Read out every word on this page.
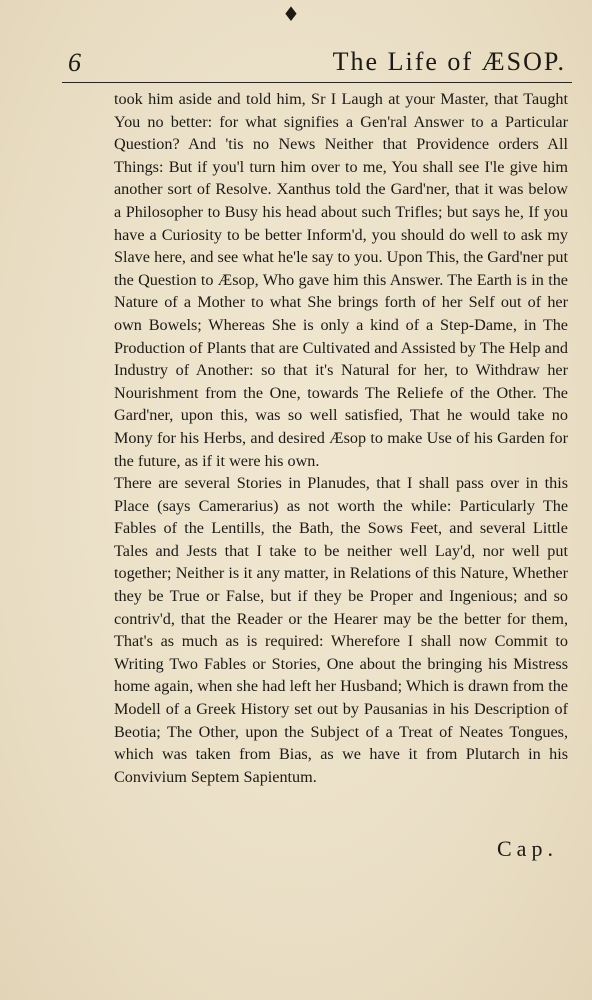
♦
6	The Life of ÆSOP.

took him aside and told him, Sr I Laugh at your Master, that Taught You no better: for what signifies a Gen'ral Answer to a Particular Question? And 'tis no News Neither that Providence orders All Things: But if you'l turn him over to me, You shall see I'le give him another sort of Resolve. Xanthus told the Gard'ner, that it was below a Philosopher to Busy his head about such Trifles; but says he, If you have a Curiosity to be better Inform'd, you should do well to ask my Slave here, and see what he'le say to you. Upon This, the Gard'ner put the Question to Æsop, Who gave him this Answer. The Earth is in the Nature of a Mother to what She brings forth of her Self out of her own Bowels; Whereas She is only a kind of a Step-Dame, in The Production of Plants that are Cultivated and Assisted by The Help and Industry of Another: so that it's Natural for her, to Withdraw her Nourishment from the One, towards The Reliefe of the Other. The Gard'ner, upon this, was so well satisfied, That he would take no Mony for his Herbs, and desired Æsop to make Use of his Garden for the future, as if it were his own.

There are several Stories in Planudes, that I shall pass over in this Place (says Camerarius) as not worth the while: Particularly The Fables of the Lentills, the Bath, the Sows Feet, and several Little Tales and Jests that I take to be neither well Lay'd, nor well put together; Neither is it any matter, in Relations of this Nature, Whether they be True or False, but if they be Proper and Ingenious; and so contriv'd, that the Reader or the Hearer may be the better for them, That's as much as is required: Wherefore I shall now Commit to Writing Two Fables or Stories, One about the bringing his Mistress home again, when she had left her Husband; Which is drawn from the Modell of a Greek History set out by Pausanias in his Description of Beotia; The Other, upon the Subject of a Treat of Neates Tongues, which was taken from Bias, as we have it from Plutarch in his Convivium Septem Sapientum.

Cap.
